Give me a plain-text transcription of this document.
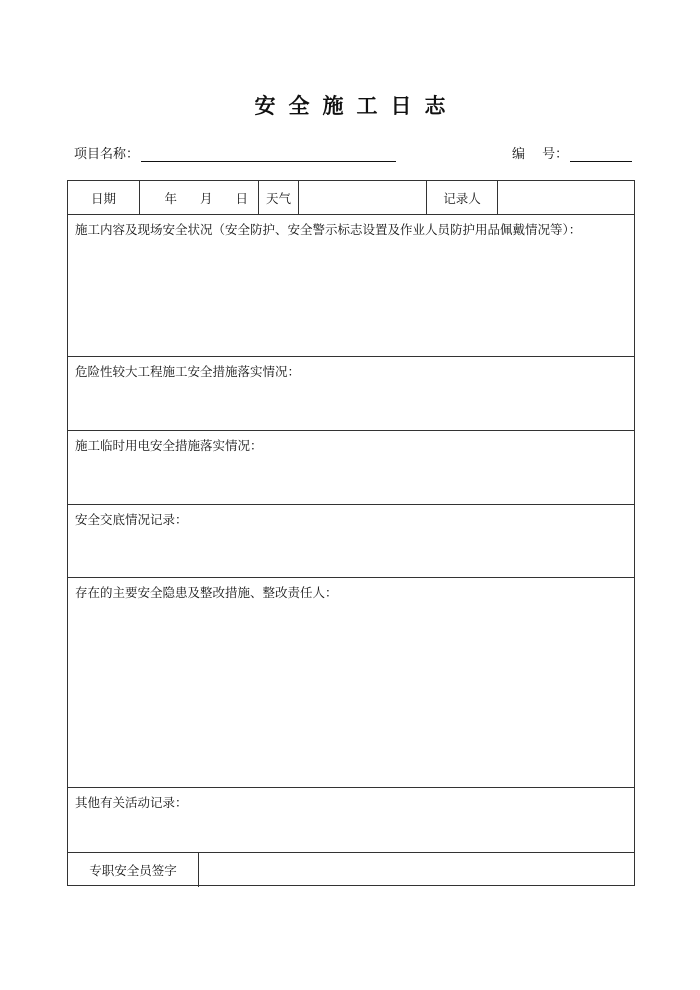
安全施工日志
项目名称：	编　 号：
日期	年 月 日 天气	记录人
施工内容及现场安全状况（安全防护、安全警示标志设置及作业人员防护用品佩戴情况等）：
危险性较大工程施工安全措施落实情况：
施工临时用电安全措施落实情况：
安全交底情况记录：
存在的主要安全隐患及整改措施、整改责任人：
其他有关活动记录：
专职安全员签字
